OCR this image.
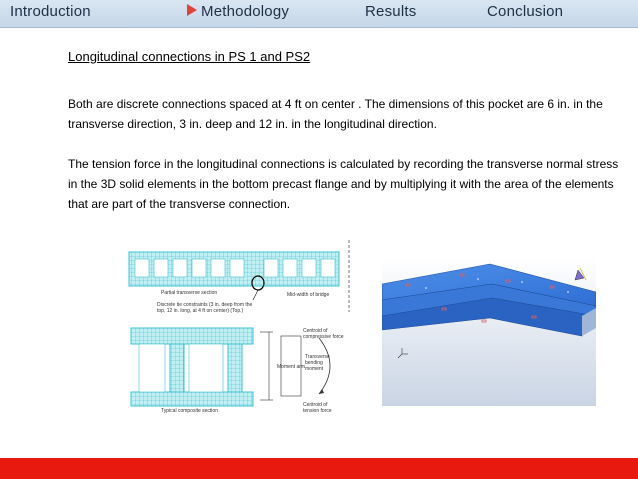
Introduction	Methodology	Results	Conclusion
Longitudinal connections in PS 1 and PS2
Both are discrete connections spaced at 4 ft on center . The dimensions of this pocket are 6 in. in the transverse direction, 3 in. deep and 12 in. in the longitudinal direction.
The tension force in the longitudinal connections is calculated by recording the transverse normal stress in the 3D solid elements in the bottom precast flange and by multiplying it with the area of the elements that are part of the transverse connection.
Partial transverse section	Mid-width of bridge
Discrete tie constraints (3 in. deep from the top, 12 in. long, at 4 ft on center) (Top.)
Centroid of compressive force
Moment arm
Transverse bending moment
Centroid of tension force
Typical composite section
